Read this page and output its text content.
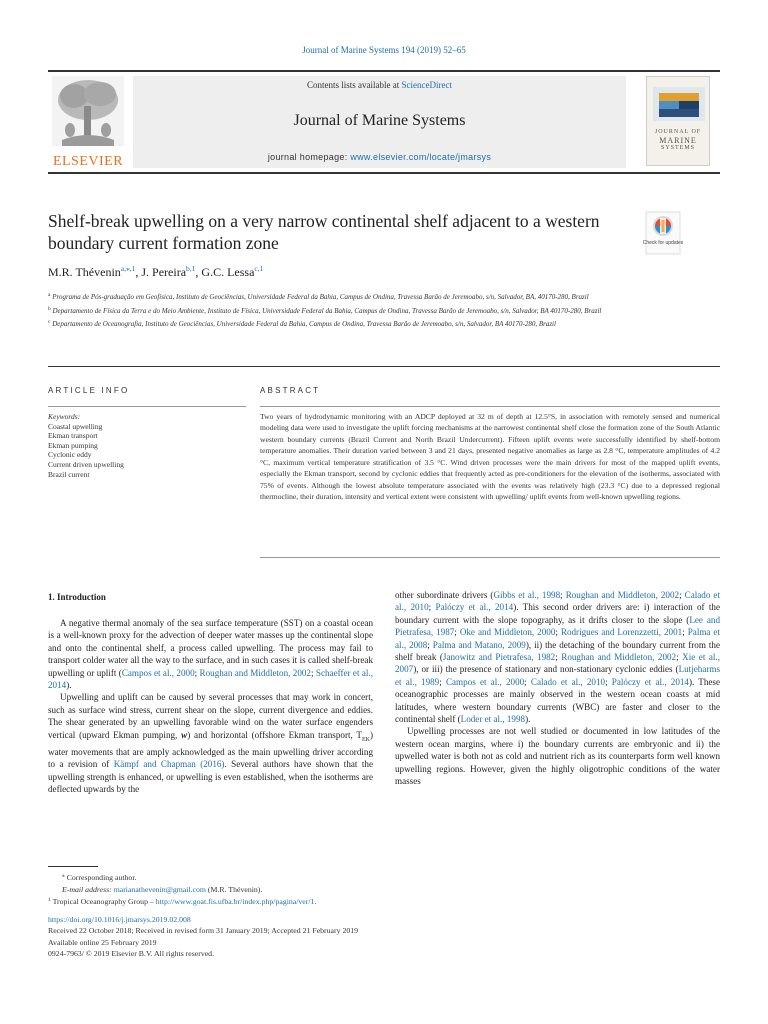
Journal of Marine Systems 194 (2019) 52–65
ELSEVIER
Contents lists available at ScienceDirect
Journal of Marine Systems
journal homepage: www.elsevier.com/locate/jmarsys
JOURNAL OF
MARINE
SYSTEMS
Shelf-break upwelling on a very narrow continental shelf adjacent to a western boundary current formation zone	Check for updates
M.R. Thévenin$^{a,⁎,1}$, J. Pereira$^{b,1}$, G.C. Lessa$^{c,1}$

$^a$ Programa de Pós-graduação em Geofísica, Instituto de Geociências, Universidade Federal da Bahia, Campus de Ondina, Travessa Barão de Jeremoabo, s/n, Salvador, BA, 40170-280, Brazil

$^b$ Departamento de Física da Terra e do Meio Ambiente, Instituto de Física, Universidade Federal da Bahia, Campus de Ondina, Travessa Barão de Jeremoabo, s/n, Salvador, BA 40170-280, Brazil

$^c$ Departamento de Oceanografia, Instituto de Geociências, Universidade Federal da Bahia, Campus de Ondina, Travessa Barão de Jeremoabo, s/n, Salvador, BA 40170-280, Brazil

ARTICLE INFO	ABSTRACT
Keywords:
Coastal upwelling
Ekman transport
Ekman pumping
Cyclonic eddy
Current driven upwelling
Brazil current
Two years of hydrodynamic monitoring with an ADCP deployed at 32 m of depth at 12.5°S, in association with remotely sensed and numerical modeling data were used to investigate the uplift forcing mechanisms at the narrowest continental shelf close the formation zone of the South Atlantic western boundary currents (Brazil Current and North Brazil Undercurrent). Fifteen uplift events were successfully identified by shelf-bottom temperature anomalies. Their duration varied between 3 and 21 days, presented negative anomalies as large as 2.8 °C, temperature amplitudes of 4.2 °C, maximum vertical temperature stratification of 3.5 °C. Wind driven processes were the main drivers for most of the mapped uplift events, especially the Ekman transport, second by cyclonic eddies that frequently acted as pre-conditioners for the elevation of the isotherms, associated with 75% of events. Although the lowest absolute temperature associated with the events was relatively high (23.3 °C) due to a depressed regional thermocline, their duration, intensity and vertical extent were consistent with upwelling/ uplift events from well-known upwelling regions.
1. Introduction

A negative thermal anomaly of the sea surface temperature (SST) on a coastal ocean is a well-known proxy for the advection of deeper water masses up the continental slope and onto the continental shelf, a process called upwelling. The process may fail to transport colder water all the way to the surface, and in such cases it is called shelf-break upwelling or uplift (Campos et al., 2000; Roughan and Middleton, 2002; Schaeffer et al., 2014).

Upwelling and uplift can be caused by several processes that may work in concert, such as surface wind stress, current shear on the slope, current divergence and eddies. The shear generated by an upwelling favorable wind on the water surface engenders vertical (upward Ekman pumping, w) and horizontal (offshore Ekman transport, $T_{EK}$) water movements that are amply acknowledged as the main upwelling driver according to a revision of Kämpf and Chapman (2016). Several authors have shown that the upwelling strength is enhanced, or upwelling is even established, when the isotherms are deflected upwards by the

other subordinate drivers (Gibbs et al., 1998; Roughan and Middleton, 2002; Calado et al., 2010; Palóczy et al., 2014). This second order drivers are: i) interaction of the boundary current with the slope topography, as it drifts closer to the slope (Lee and Pietrafesa, 1987; Oke and Middleton, 2000; Rodrigues and Lorenzzetti, 2001; Palma et al., 2008; Palma and Matano, 2009), ii) the detaching of the boundary current from the shelf break (Janowitz and Pietrafesa, 1982; Roughan and Middleton, 2002; Xie et al., 2007), or iii) the presence of stationary and non-stationary cyclonic eddies (Lutjeharms et al., 1989; Campos et al., 2000; Calado et al., 2010; Palóczy et al., 2014). These oceanographic processes are mainly observed in the western ocean coasts at mid latitudes, where western boundary currents (WBC) are faster and closer to the continental shelf (Loder et al., 1998).

Upwelling processes are not well studied or documented in low latitudes of the western ocean margins, where i) the boundary currents are embryonic and ii) the upwelled water is both not as cold and nutrient rich as its counterparts form well known upwelling regions. However, given the highly oligotrophic conditions of the water masses

⁎ Corresponding author.
E-mail address: marianathevenin@gmail.com (M.R. Thévenin).
$^1$ Tropical Oceanography Group – http://www.goat.fis.ufba.br/index.php/pagina/ver/1.
https://doi.org/10.1016/j.jmarsys.2019.02.008
Received 22 October 2018; Received in revised form 31 January 2019; Accepted 21 February 2019
Available online 25 February 2019
0924-7963/ © 2019 Elsevier B.V. All rights reserved.
